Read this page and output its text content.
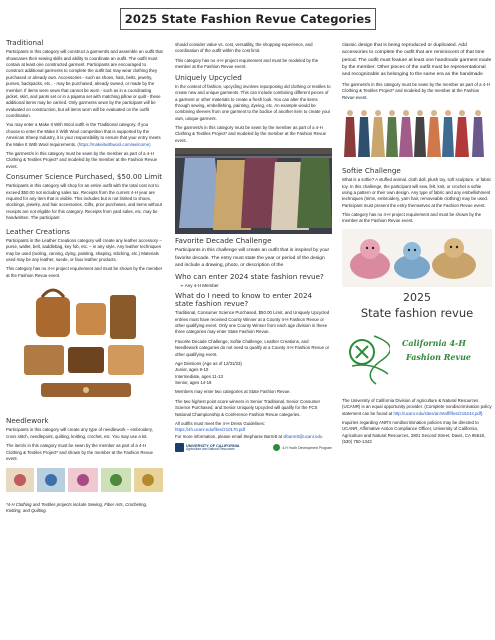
2025 State Fashion Revue Categories
Traditional

Participants in this category will construct a garment/s and assemble an outfit that showcases their sewing skills and ability to coordinate an outfit. The outfit must contain at least one constructed garment. Participants are encouraged to construct additional garments to complete the outfit but may wear clothing they purchased or already own. Accessories - such as shoes, hats, belts, jewelry, purses, backpacks, etc., - may be purchased, already owned, or made by the member. If items were sewn that cannot be worn - such as in a coordinating jacket, skirt, and pants set or in a pajama set with matching pillow or quilt - these additional items may be carried. Only garments sewn by the participant will be evaluated on construction, but all items worn will be evaluated on the outfit coordination.

You may enter a Make It With Wool outfit in the Traditional category. If you choose to enter the Make it With Wool competition that is supported by the American Sheep Industry, it is your responsibility to ensure that your entry meets the Make It With Wool requirements. (https://makeitwithwool.com/welcome)

The garment/s in this category must be sewn by the member as part of a 4-H Clothing & Textiles Project* and modeled by the member at the Fashion Revue event.

Consumer Science Purchased, $50.00 Limit

Participants in this category will shop for an entire outfit with the total cost not to exceed $50.00 not including sales tax. Receipts from the current 4-H year are required for any item that is visible. This includes but is not limited to shoes, stockings, jewelry, and hair accessories. Gifts, prior purchases, and items without receipts are not eligible for this category. Receipts from yard sales, etc. may be handwritten. The participant

Leather Creations

Participants in the Leather Creations category will create any leather accessory – purse, wallet, belt, saddlebag, key fob, etc. – in any style. Any leather techniques may be used (tooling, carving, dying, painting, shaping, stitching, etc.) Materials used may be any leather, suede, or faux leather products.

This category has no 4-H project requirement and must be shown by the member at the Fashion Revue event.

Needlework

Participants in this category will create any type of needlework – embroidery, cross stitch, needlepoint, quilting, knitting, crochet, etc. You may use a kit.

The item/s in this category must be sewn by the member as part of a 4-H Clothing & Textiles Project* and shown by the member at the Fashion Revue event.

*4-H Clothing and Textiles projects include Sewing, Fiber Arts, Crocheting, Knitting, and Quilting.

should consider value vs. cost, versatility, the shopping experience, and coordination of the outfit within the cost limit.

This category has no 4-H project requirement and must be modeled by the member at the Fashion Revue event.

Uniquely Upcycled

In the context of fashion, upcycling involves repurposing old clothing or textiles to create new and unique garments. This can include combining different pieces of a garment or other materials to create a fresh look. You can alter the items through sewing, embellishing, painting, dyeing, etc. An example would be combining sleeves from one garment to the bodice of another item to create your own, unique garment.

The garment/s in this category must be sewn by the member as part of a 4-H Clothing & Textiles Project* and modeled by the member at the Fashion Revue event.

Favorite Decade Challenge

Participants in this challenge will create an outfit that is inspired by your favorite decade. The entry must state the year or period of the design and include a drawing, photo, or description of the

Who can enter 2024 state fashion revue?
➢ Any 4-H Member
What do I need to know to enter 2024 state fashion revue?

Traditional, Consumer Science Purchased, $50.00 Limit, and Uniquely Upcycled entries must have received County Winner at a County 4-H Fashion Revue or other qualifying event. Only one County Winner from each age division in these three categories may enter State Fashion Revue.

Favorite Decade Challenge, Softie Challenge, Leather Creations, and Needlework categories do not need to qualify at a County 4-H Fashion Revue or other qualifying event.

Age Divisions (Age as of 12/31/23)

Junior, ages 9-10

Intermediate, ages 11-13

Senior, ages 14-18

Members may enter two categories at State Fashion Revue.

The two highest point score winners in Senior Traditional, Senior Consumer Science Purchased, and Senior Uniquely Upcycled will qualify for the FCS National Championship & Conference Fashion Revue categories.

All outfits must meet the 4-H Dress Guidelines:
https://4h.ucanr.edu/files/210170.pdf

For more information, please email Stephanie Barrett at slbarrett@ucanr.edu

UNIVERSITY OF CALIFORNIA
Agriculture and Natural Resources	4-H Youth Development Program

classic design that is being reproduced or duplicated. Add accessories to complete the outfit that are reminiscent of that time period. The outfit must feature at least one handmade garment made by the member. Other pieces of the outfit must be representational and recognizable as belonging to the same era as the handmade

The garment/s in this category must be sewn by the member as part of a 4-H Clothing & Textiles Project* and modeled by the member at the Fashion Revue event.

Softie Challenge

What is a softie? A stuffed animal, cloth doll, plush toy, soft sculpture, or fabric toy. In this challenge, the participant will sew, felt, knit, or crochet a softie using a pattern or their own design. Any type of fabric and any embellishment techniques (trims, embroidery, yarn hair, removeable clothing) may be used. Participant must present the entry themselves at the Fashion Revue event.

This category has no 4-H project requirement and must be shown by the member at the Fashion Revue event.

2025
State fashion revue
California 4-H
Fashion Revue

The University of California Division of Agriculture & Natural Resources (UCANR) is an equal opportunity provider. (Complete nondiscrimination policy statement can be found at http://ucanr.edu/sites/anrstaff/files/215244.pdf)

Inquiries regarding ANR's nondiscrimination policies may be directed to UCANR, Affirmative Action Compliance Officer, University of California, Agriculture and Natural Resources, 2801 Second Street, Davis, CA 95618, (530) 750-1343
